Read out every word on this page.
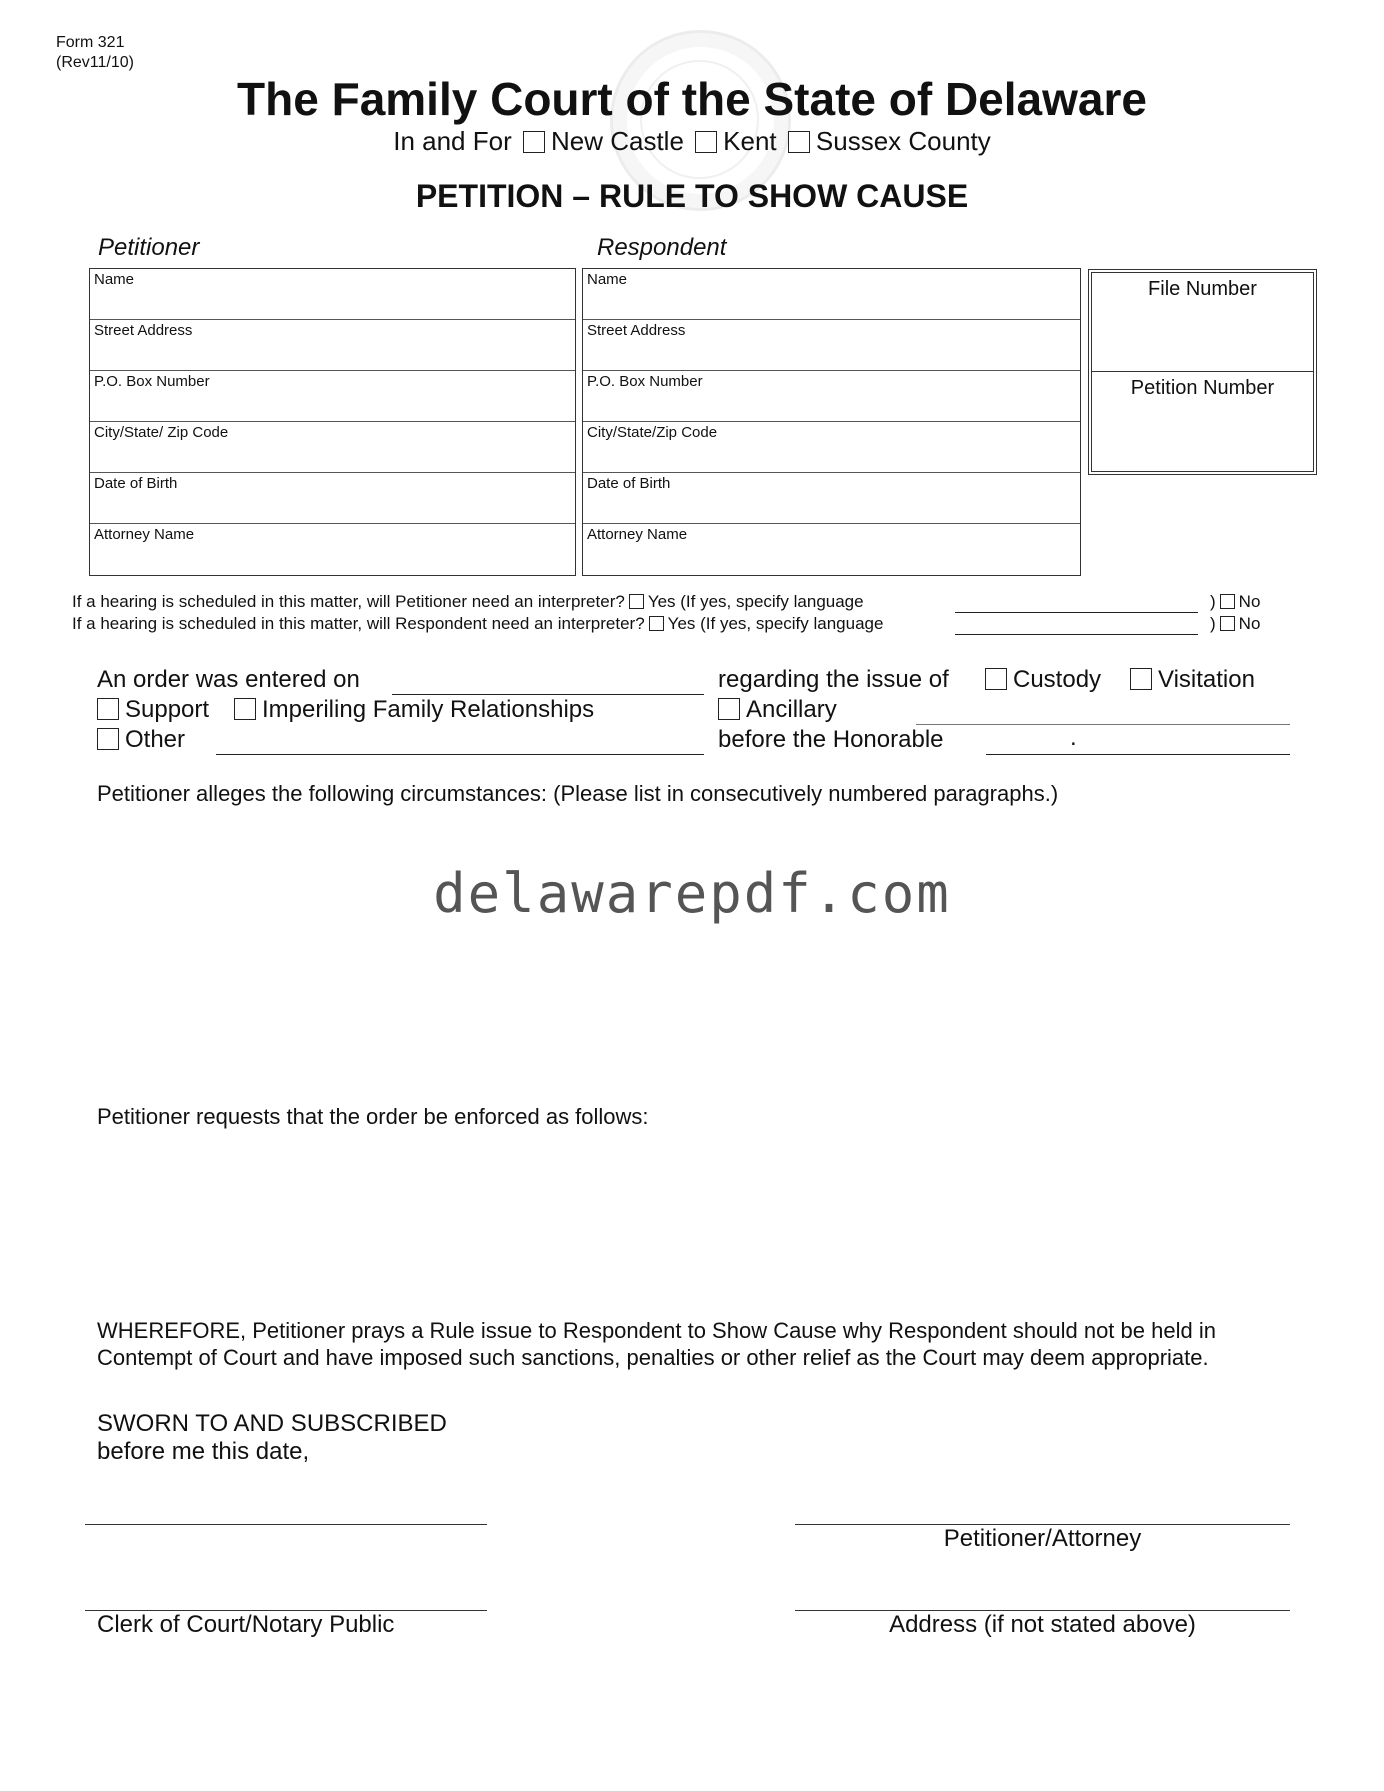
Form 321
(Rev11/10)
The Family Court of the State of Delaware
In and For New Castle Kent Sussex County
PETITION – RULE TO SHOW CAUSE
Petitioner	Respondent
Name
Street Address
P.O. Box Number
City/State/ Zip Code
Date of Birth
Attorney Name
Name
Street Address
P.O. Box Number
City/State/Zip Code
Date of Birth
Attorney Name
File Number
Petition Number
If a hearing is scheduled in this matter, will Petitioner need an interpreter? Yes (If yes, specify language	) No
If a hearing is scheduled in this matter, will Respondent need an interpreter? Yes (If yes, specify language	) No
An order was entered on	regarding the issue of	Custody	Visitation
Support	Imperiling Family Relationships	Ancillary
Other	before the Honorable	.
Petitioner alleges the following circumstances: (Please list in consecutively numbered paragraphs.)
delawarepdf.com
Petitioner requests that the order be enforced as follows:
WHEREFORE, Petitioner prays a Rule issue to Respondent to Show Cause why Respondent should not be held in
Contempt of Court and have imposed such sanctions, penalties or other relief as the Court may deem appropriate.
SWORN TO AND SUBSCRIBED
before me this date,
Petitioner/Attorney
Clerk of Court/Notary Public	Address (if not stated above)
